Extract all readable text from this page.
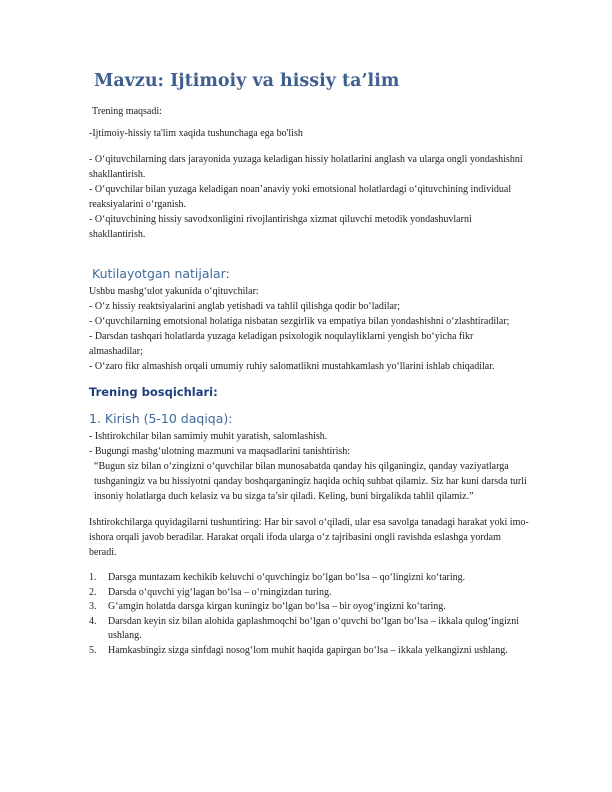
Mavzu: Ijtimoiy va hissiy ta’lim

Trening maqsadi:

-Ijtimoiy-hissiy ta'lim xaqida tushunchaga ega bo'lish

- O‘qituvchilarning dars jarayonida yuzaga keladigan hissiy holatlarini anglash va ularga ongli yondashishni shakllantirish.

- O‘quvchilar bilan yuzaga keladigan noan’anaviy yoki emotsional holatlardagi o‘qituvchining individual reaksiyalarini o‘rganish.

- O‘qituvchining hissiy savodxonligini rivojlantirishga xizmat qiluvchi metodik yondashuvlarni shakllantirish.

Kutilayotgan natijalar:

Ushbu mashg‘ulot yakunida o‘qituvchilar:

- O‘z hissiy reaktsiyalarini anglab yetishadi va tahlil qilishga qodir bo‘ladilar;

- O‘quvchilarning emotsional holatiga nisbatan sezgirlik va empatiya bilan yondashishni o‘zlashtiradilar;

- Darsdan tashqari holatlarda yuzaga keladigan psixologik noqulayliklarni yengish bo‘yicha fikr almashadilar;

- O‘zaro fikr almashish orqali umumiy ruhiy salomatlikni mustahkamlash yo‘llarini ishlab chiqadilar.

Trening bosqichlari:
1. Kirish (5-10 daqiqa):

- Ishtirokchilar bilan samimiy muhit yaratish, salomlashish.

- Bugungi mashg‘ulotning mazmuni va maqsadlarini tanishtirish:

“Bugun siz bilan o‘zingizni o‘quvchilar bilan munosabatda qanday his qilganingiz, qanday vaziyatlarga tushganingiz va bu hissiyotni qanday boshqarganingiz haqida ochiq suhbat qilamiz. Siz har kuni darsda turli insoniy holatlarga duch kelasiz va bu sizga ta’sir qiladi. Keling, buni birgalikda tahlil qilamiz.”

Ishtirokchilarga quyidagilarni tushuntiring: Har bir savol o‘qiladi, ular esa savolga tanadagi harakat yoki imo-ishora orqali javob beradilar. Harakat orqali ifoda ularga o‘z tajribasini ongli ravishda eslashga yordam beradi.

1. Darsga muntazam kechikib keluvchi o‘quvchingiz bo‘lgan bo‘lsa – qo‘lingizni ko‘taring.
2. Darsda o‘quvchi yig‘lagan bo‘lsa – o‘rningizdan turing.
3. G‘amgin holatda darsga kirgan kuningiz bo‘lgan bo‘lsa – bir oyog‘ingizni ko‘taring.
4. Darsdan keyin siz bilan alohida gaplashmoqchi bo‘lgan o‘quvchi bo‘lgan bo‘lsa – ikkala qulog‘ingizni ushlang.
5. Hamkasbingiz sizga sinfdagi nosog‘lom muhit haqida gapirgan bo‘lsa – ikkala yelkangizni ushlang.
